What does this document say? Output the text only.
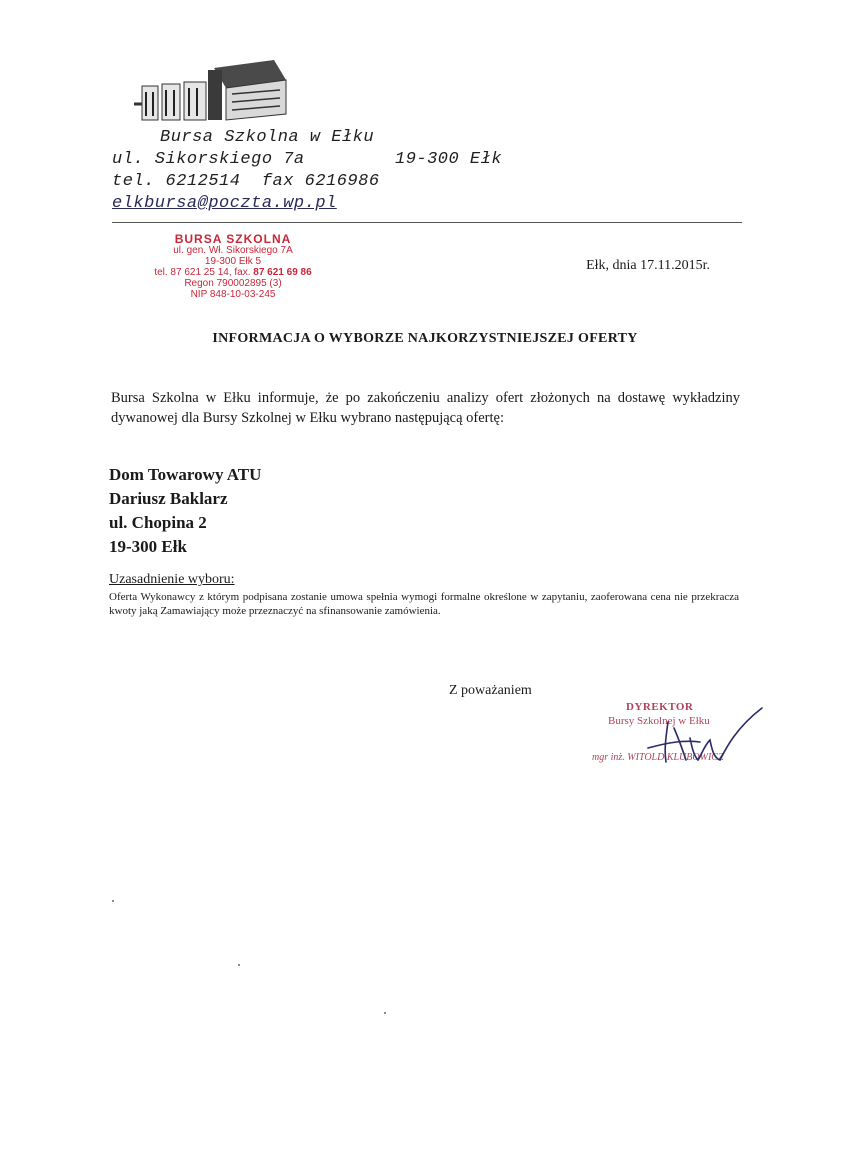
Bursa Szkolna w Ełku
ul. Sikorskiego 7a	19-300 Ełk
tel. 6212514  fax 6216986
elkbursa@poczta.wp.pl
BURSA SZKOLNA
ul. gen. Wł. Sikorskiego 7A
19-300 Ełk 5
tel. 87 621 25 14, fax. 87 621 69 86
Regon 790002895 (3)
NIP 848-10-03-245
Ełk, dnia 17.11.2015r.
INFORMACJA O WYBORZE NAJKORZYSTNIEJSZEJ OFERTY
Bursa Szkolna w Ełku informuje, że po zakończeniu analizy ofert złożonych na dostawę wykładziny dywanowej dla Bursy Szkolnej w Ełku wybrano następującą ofertę:
Dom Towarowy ATU
Dariusz Baklarz
ul. Chopina 2
19-300 Ełk
Uzasadnienie wyboru:
Oferta Wykonawcy z którym podpisana zostanie umowa spełnia wymogi formalne określone w zapytaniu, zaoferowana cena nie przekracza kwoty jaką Zamawiający może przeznaczyć na sfinansowanie zamówienia.
Z poważaniem
DYREKTOR
Bursy Szkolnej w Ełku
mgr inż. WITOLD KLUBOWICZ
